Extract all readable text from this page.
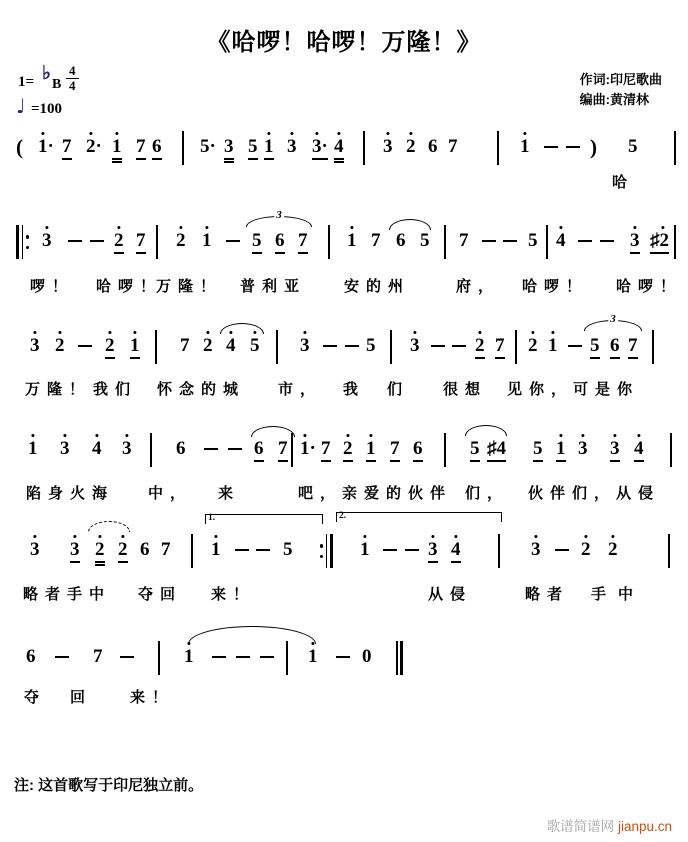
《哈啰！哈啰！万隆！》
作词:印尼歌曲
编曲:黄清林
1= ♭
B $\frac{4}{4}$
♩ =100
( 1· 7 2· 1 7 6 5· 3 5 1 3 3· 4 3 2 6 7	1	) 5
哈
3	2 7 2 1 5 6 7 1 7 6 5 7	5 4	3 ♯2
3
啰！ 哈啰！
万隆！ 普利亚	安的州	府， 哈啰！ 哈啰！
3 2 2 1 7 2 4 5 3	5 3	2 7 2 1 5 6 7
3
万隆！ 我们 怀念的城 市， 我 们 很想 见你，可是你
1 3 4 3 6	6 7 1· 7 2 1 7 6	5 ♯4 5 1 3 3 4
陷身火海 中， 来	吧，亲爱的 伙伴 们， 伙伴们，从侵
3 3 2 2 6 7 1	5	1	3 4	3 2 2
1.	2.
略者手中 夺回 来！	从侵	略者 手 中
6	7	1	1 0
夺 回	来！
注: 这首歌写于印尼独立前。
歌谱简谱网 jianpu.cn
